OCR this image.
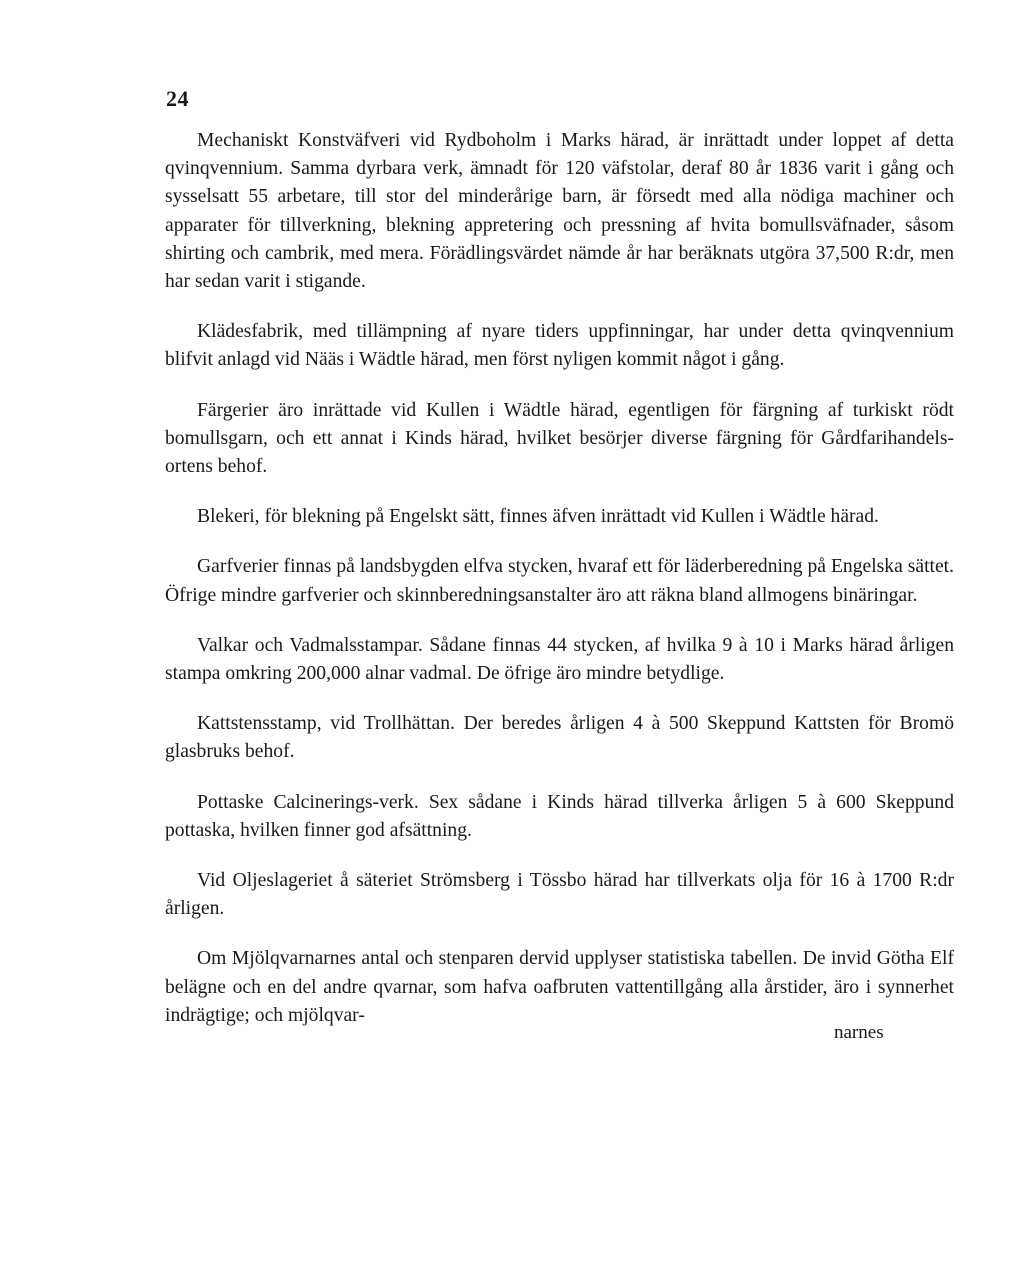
24

Mechaniskt Konstväfveri vid Rydboholm i Marks härad, är inrättadt under loppet af detta qvinqvennium. Samma dyrbara verk, ämnadt för 120 väfstolar, deraf 80 år 1836 varit i gång och sysselsatt 55 arbetare, till stor del minderårige barn, är försedt med alla nödiga machiner och apparater för tillverkning, blekning appretering och pressning af hvita bomullsväfnader, såsom shirting och cambrik, med mera. Förädlingsvärdet nämde år har beräknats utgöra 37,500 R:dr, men har sedan varit i stigande.

Klädesfabrik, med tillämpning af nyare tiders uppfinningar, har under detta qvinqvennium blifvit anlagd vid Nääs i Wädtle härad, men först nyligen kommit något i gång.

Färgerier äro inrättade vid Kullen i Wädtle härad, egentligen för färgning af turkiskt rödt bomullsgarn, och ett annat i Kinds härad, hvilket besörjer diverse färgning för Gårdfarihandels-ortens behof.

Blekeri, för blekning på Engelskt sätt, finnes äfven inrättadt vid Kullen i Wädtle härad.

Garfverier finnas på landsbygden elfva stycken, hvaraf ett för läderberedning på Engelska sättet. Öfrige mindre garfverier och skinnberedningsanstalter äro att räkna bland allmogens binäringar.

Valkar och Vadmalsstampar. Sådane finnas 44 stycken, af hvilka 9 à 10 i Marks härad årligen stampa omkring 200,000 alnar vadmal. De öfrige äro mindre betydlige.

Kattstensstamp, vid Trollhättan. Der beredes årligen 4 à 500 Skeppund Kattsten för Bromö glasbruks behof.

Pottaske Calcinerings-verk. Sex sådane i Kinds härad tillverka årligen 5 à 600 Skeppund pottaska, hvilken finner god afsättning.

Vid Oljeslageriet å säteriet Strömsberg i Tössbo härad har tillverkats olja för 16 à 1700 R:dr årligen.

Om Mjölqvarnarnes antal och stenparen dervid upplyser statistiska tabellen. De invid Götha Elf belägne och en del andre qvarnar, som hafva oafbruten vattentillgång alla årstider, äro i synnerhet indrägtige; och mjölqvar-

narnes
